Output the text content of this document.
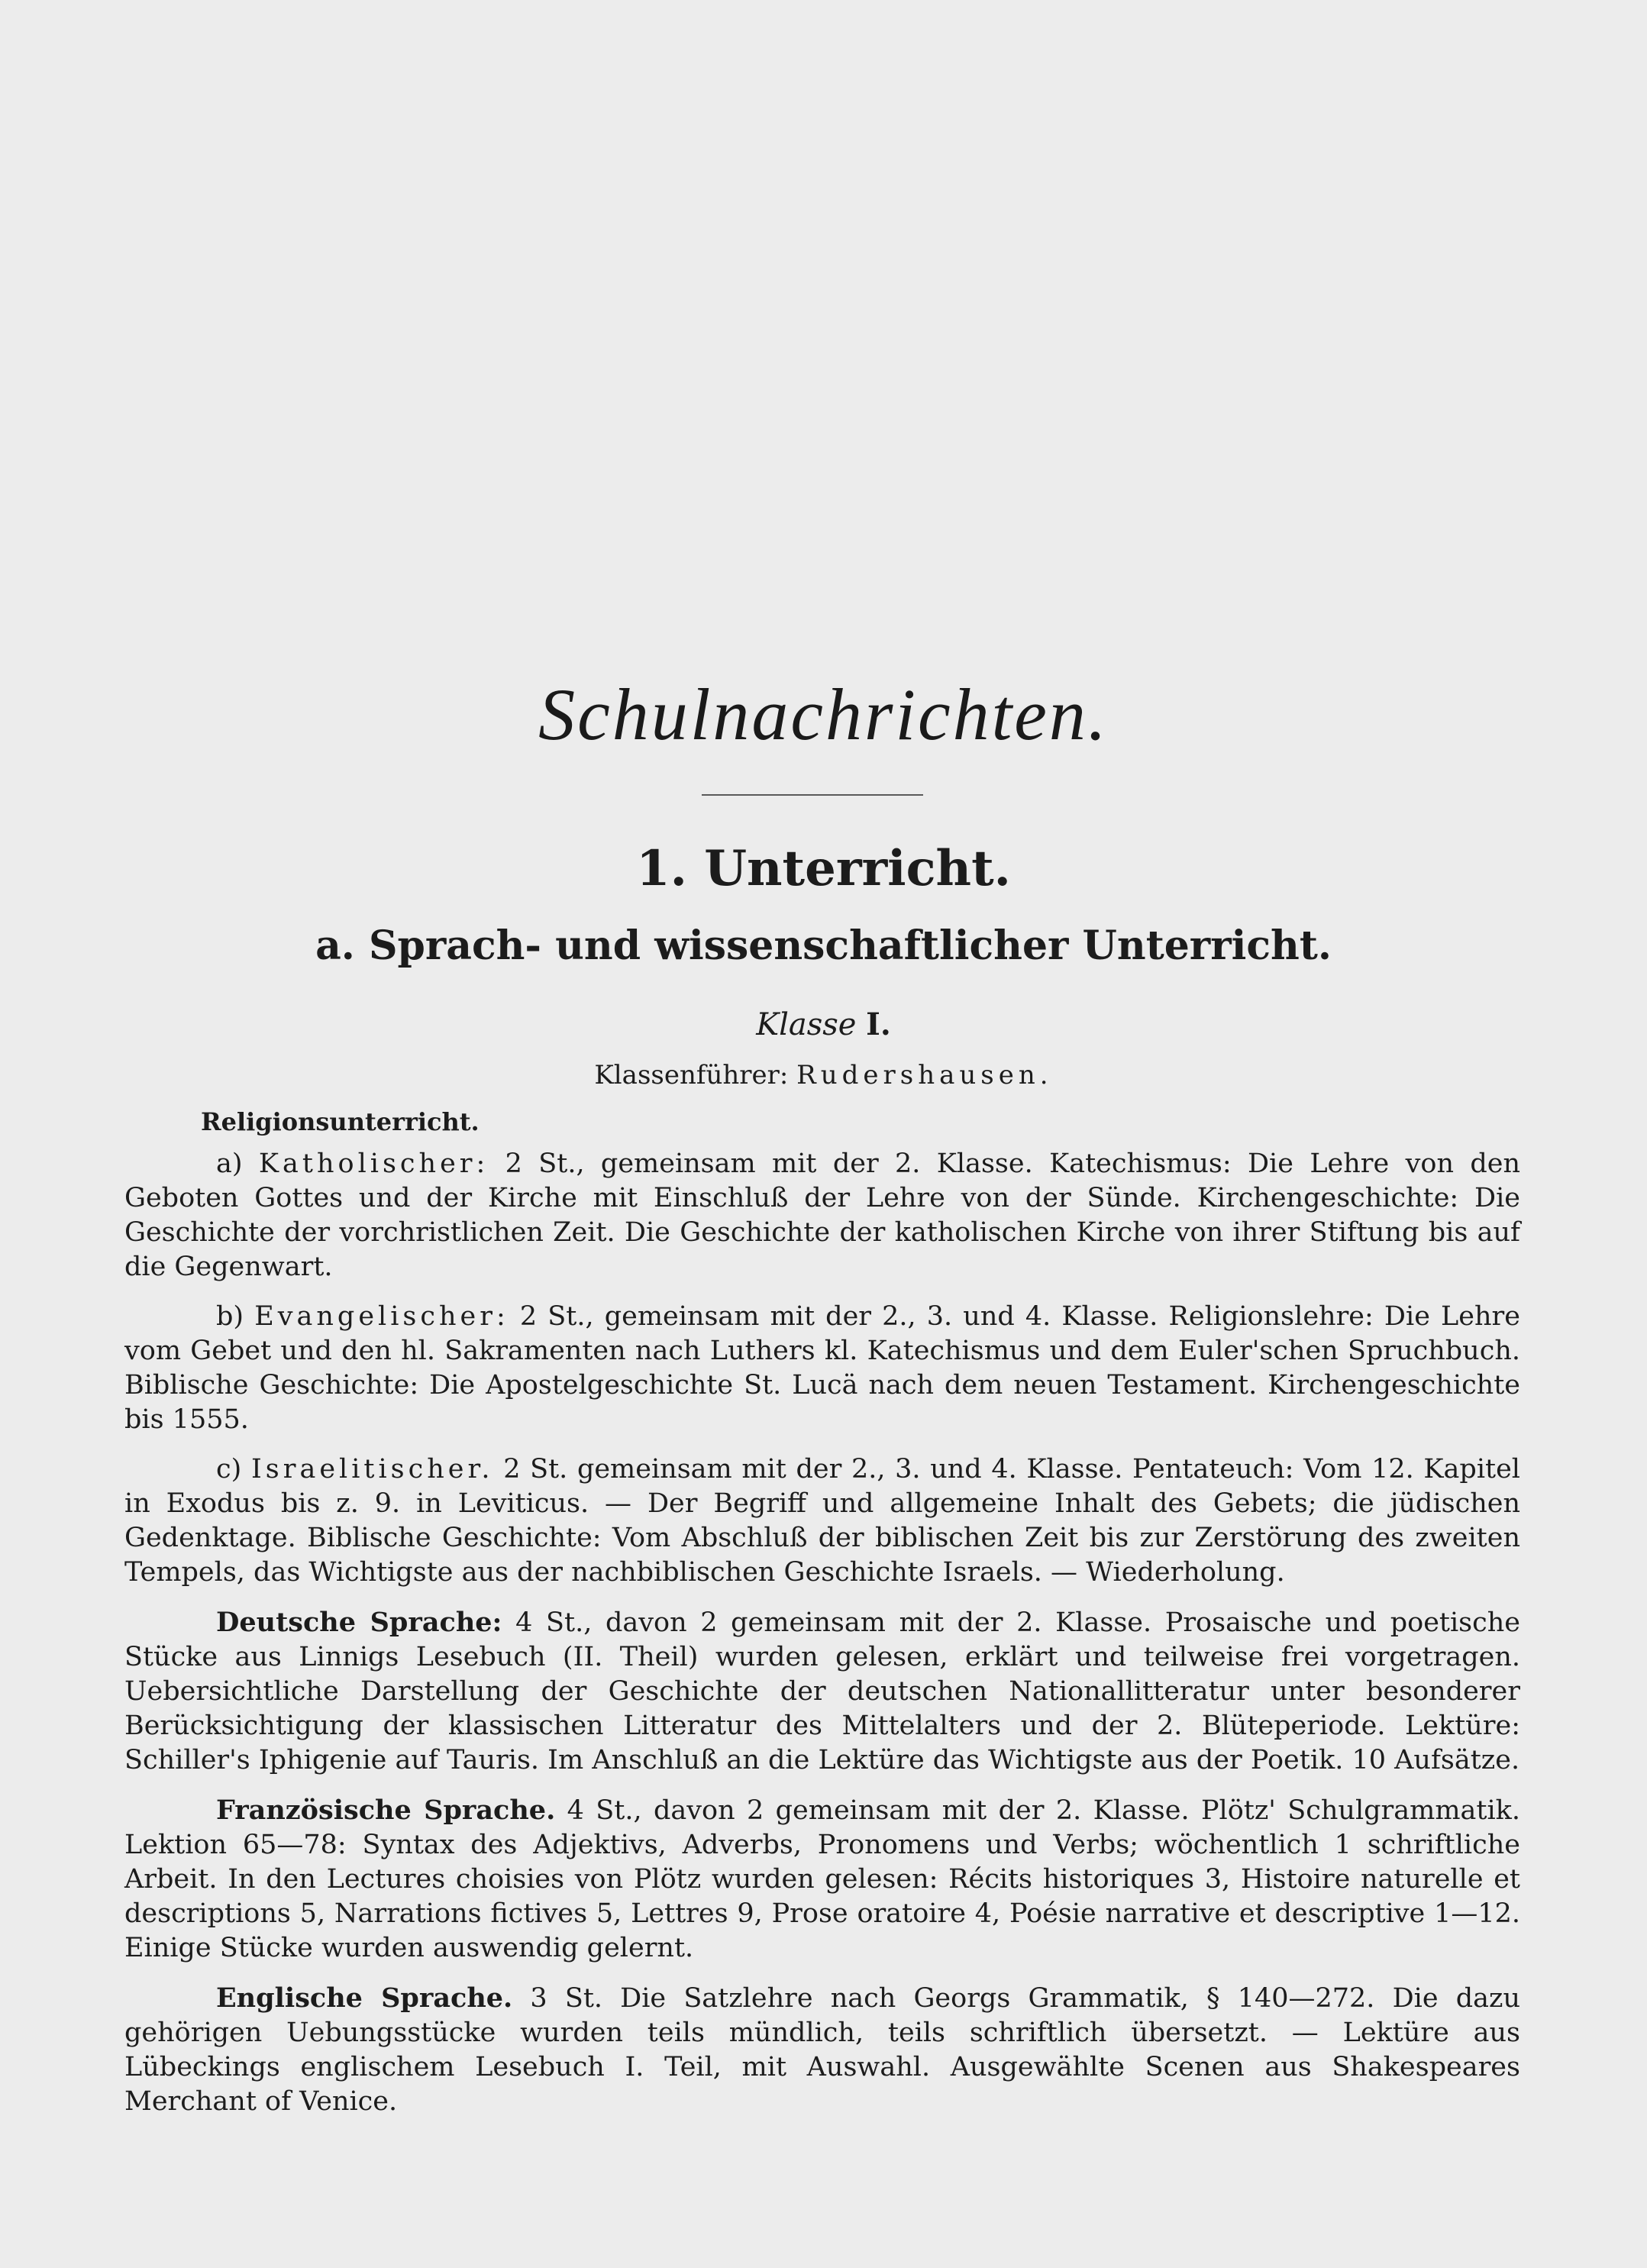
Schulnachrichten.
1. Unterricht.
a. Sprach- und wissenschaftlicher Unterricht.
Klasse I.
Klassenführer: Rudershausen.
Religionsunterricht.

a) Katholischer: 2 St., gemeinsam mit der 2. Klasse. Katechismus: Die Lehre von den Geboten Gottes und der Kirche mit Einschluß der Lehre von der Sünde. Kirchengeschichte: Die Geschichte der vorchristlichen Zeit. Die Geschichte der katholischen Kirche von ihrer Stiftung bis auf die Gegenwart.

b) Evangelischer: 2 St., gemeinsam mit der 2., 3. und 4. Klasse. Religionslehre: Die Lehre vom Gebet und den hl. Sakramenten nach Luthers kl. Katechismus und dem Euler'schen Spruchbuch. Biblische Geschichte: Die Apostelgeschichte St. Lucä nach dem neuen Testament. Kirchengeschichte bis 1555.

c) Israelitischer. 2 St. gemeinsam mit der 2., 3. und 4. Klasse. Pentateuch: Vom 12. Kapitel in Exodus bis z. 9. in Leviticus. — Der Begriff und allgemeine Inhalt des Gebets; die jüdischen Gedenktage. Biblische Geschichte: Vom Abschluß der biblischen Zeit bis zur Zerstörung des zweiten Tempels, das Wichtigste aus der nachbiblischen Geschichte Israels. — Wiederholung.

Deutsche Sprache: 4 St., davon 2 gemeinsam mit der 2. Klasse. Prosaische und poetische Stücke aus Linnigs Lesebuch (II. Theil) wurden gelesen, erklärt und teilweise frei vorgetragen. Uebersichtliche Darstellung der Geschichte der deutschen Nationallitteratur unter besonderer Berücksichtigung der klassischen Litteratur des Mittelalters und der 2. Blüteperiode. Lektüre: Schiller's Iphigenie auf Tauris. Im Anschluß an die Lektüre das Wichtigste aus der Poetik. 10 Aufsätze.

Französische Sprache. 4 St., davon 2 gemeinsam mit der 2. Klasse. Plötz' Schulgrammatik. Lektion 65—78: Syntax des Adjektivs, Adverbs, Pronomens und Verbs; wöchentlich 1 schriftliche Arbeit. In den Lectures choisies von Plötz wurden gelesen: Récits historiques 3, Histoire naturelle et descriptions 5, Narrations fictives 5, Lettres 9, Prose oratoire 4, Poésie narrative et descriptive 1—12. Einige Stücke wurden auswendig gelernt.

Englische Sprache. 3 St. Die Satzlehre nach Georgs Grammatik, § 140—272. Die dazu gehörigen Uebungsstücke wurden teils mündlich, teils schriftlich übersetzt. — Lektüre aus Lübeckings englischem Lesebuch I. Teil, mit Auswahl. Ausgewählte Scenen aus Shakespeares Merchant of Venice.
